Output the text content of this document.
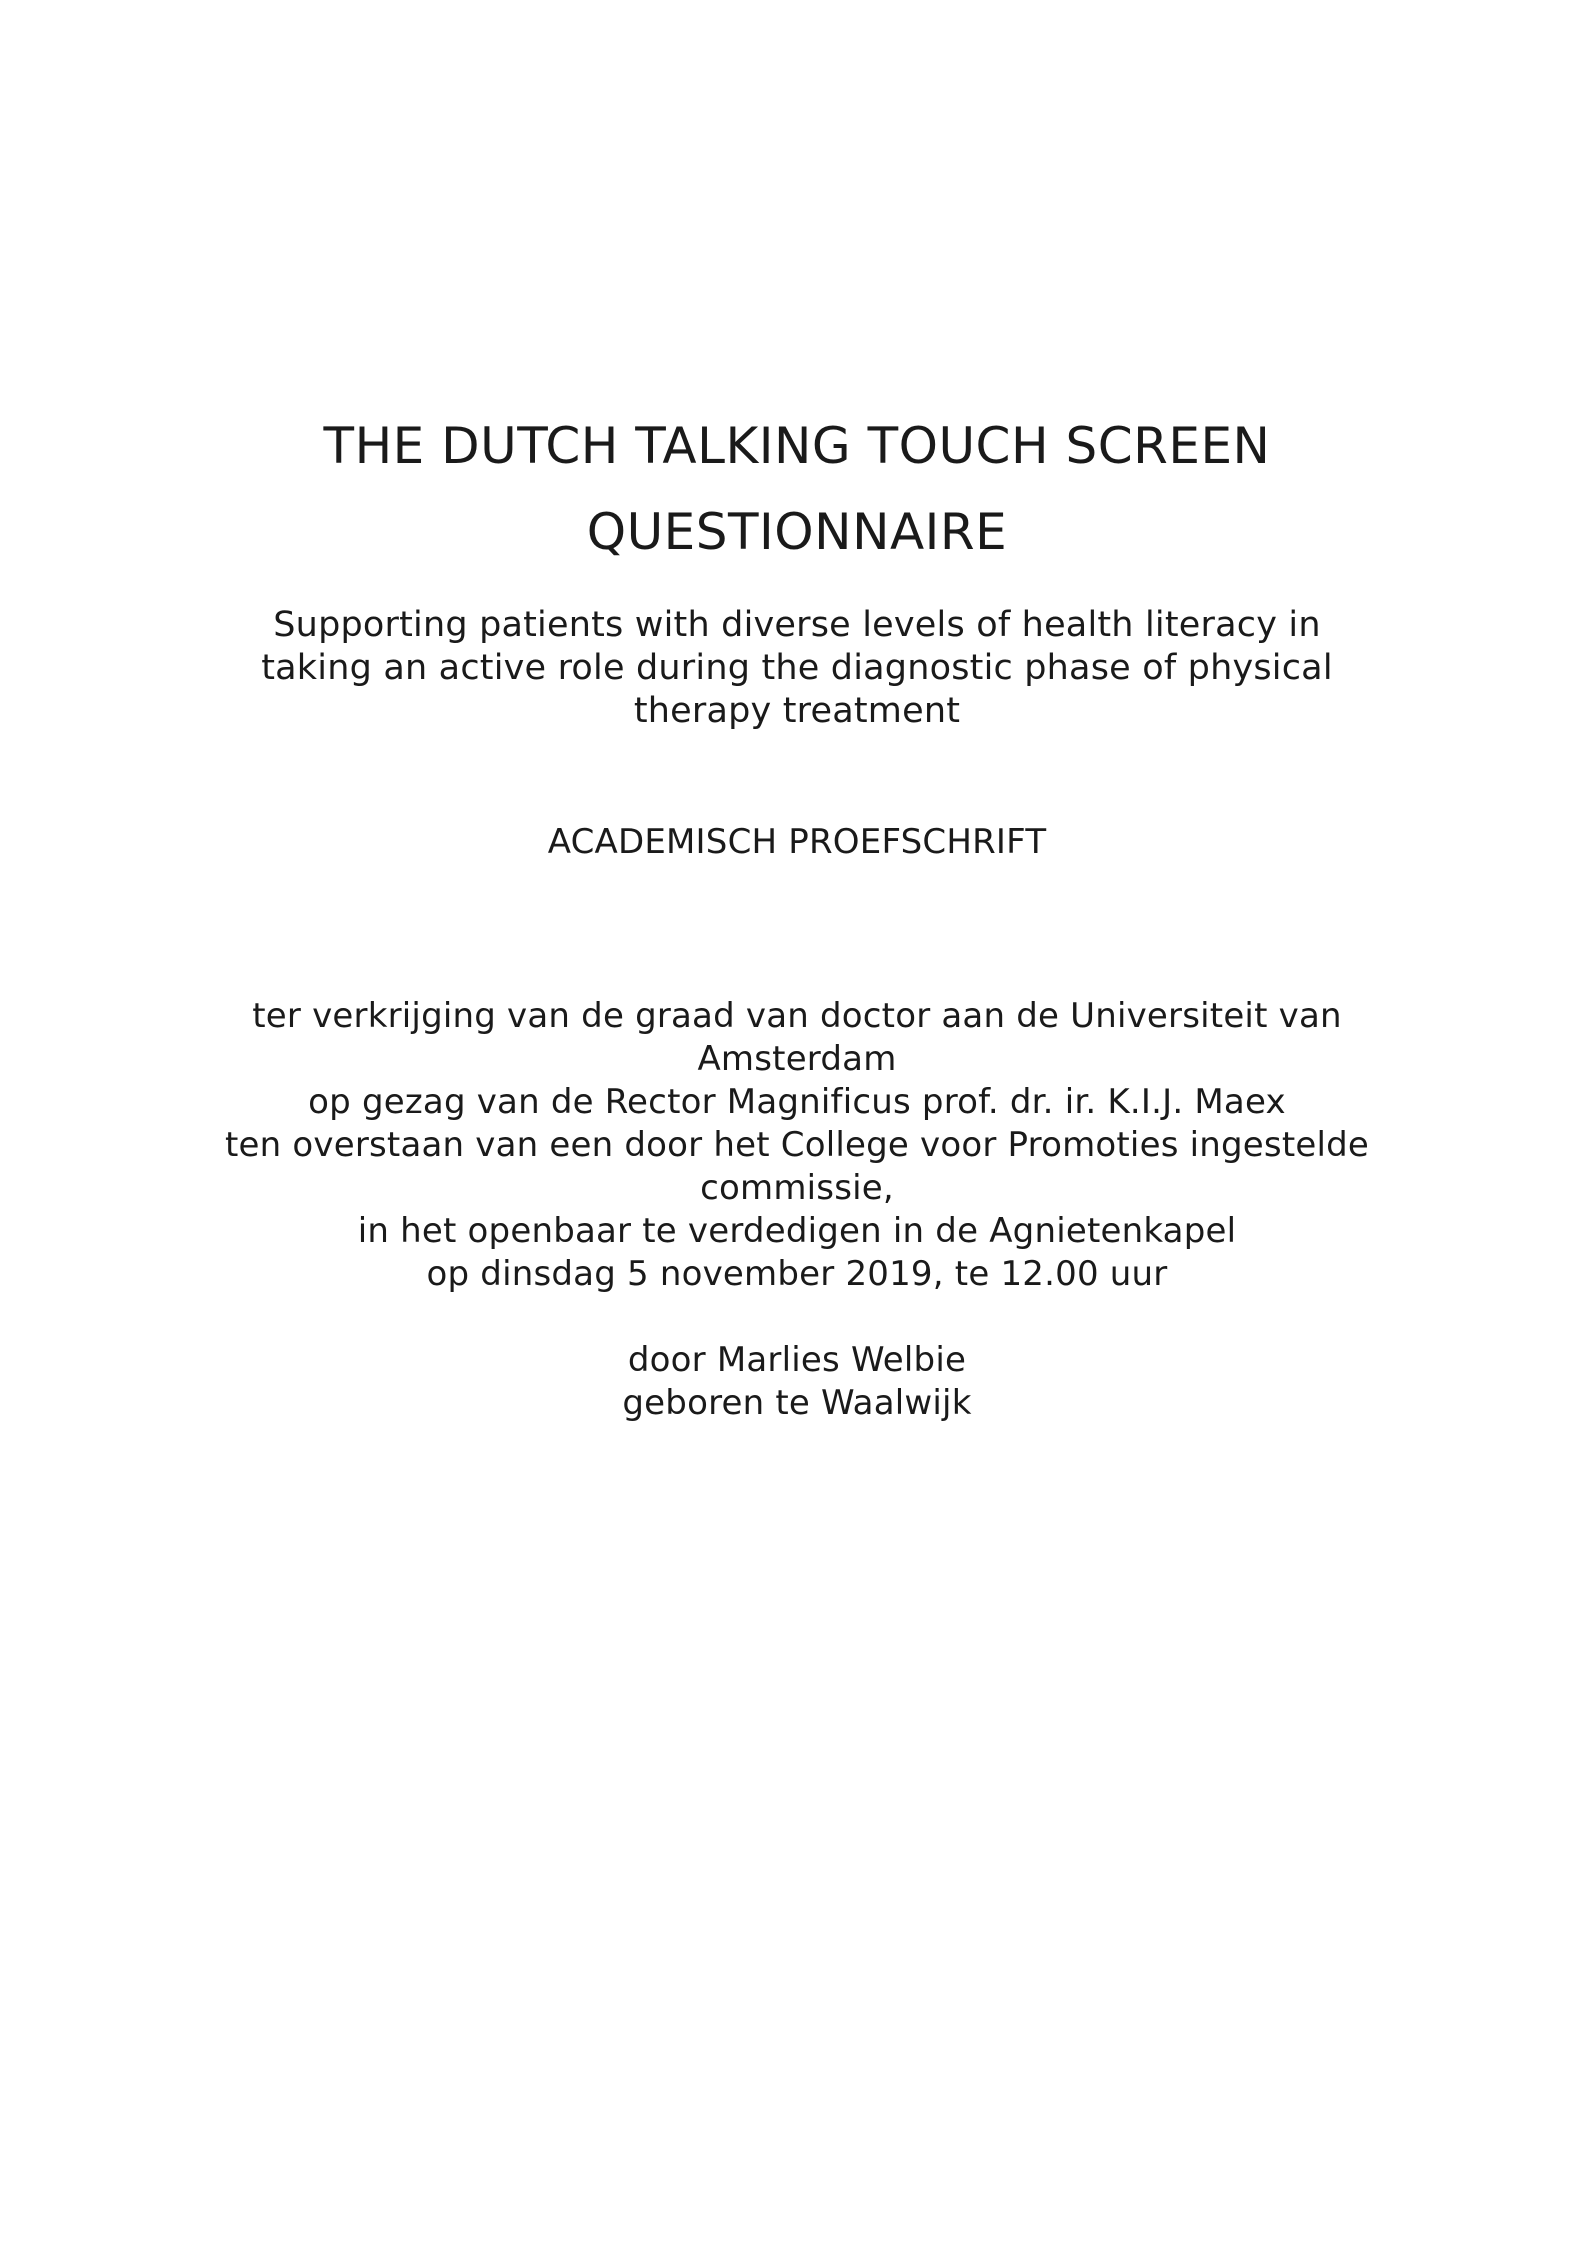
THE DUTCH TALKING TOUCH SCREEN
QUESTIONNAIRE
Supporting patients with diverse levels of health literacy in
taking an active role during the diagnostic phase of physical
therapy treatment
ACADEMISCH PROEFSCHRIFT
ter verkrijging van de graad van doctor aan de Universiteit van
Amsterdam
op gezag van de Rector Magnificus prof. dr. ir. K.I.J. Maex
ten overstaan van een door het College voor Promoties ingestelde
commissie,
in het openbaar te verdedigen in de Agnietenkapel
op dinsdag 5 november 2019, te 12.00 uur
door Marlies Welbie
geboren te Waalwijk
